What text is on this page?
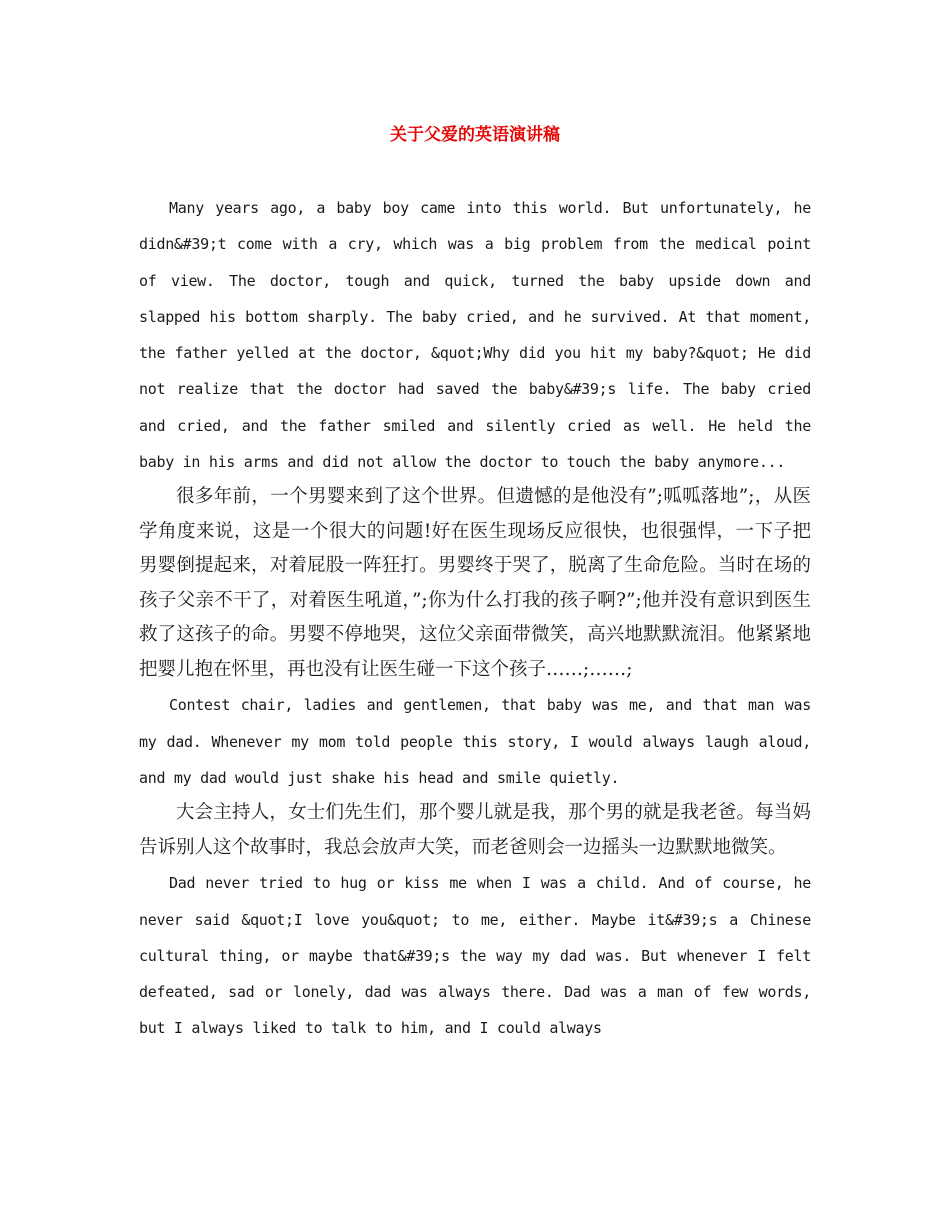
关于父爱的英语演讲稿

Many years ago, a baby boy came into this world. But unfortunately, he didn&#39;t come with a cry, which was a big problem from the medical point of view. The doctor, tough and quick, turned the baby upside down and slapped his bottom sharply. The baby cried, and he survived. At that moment, the father yelled at the doctor, &quot;Why did you hit my baby?&quot; He did not realize that the doctor had saved the baby&#39;s life. The baby cried and cried, and the father smiled and silently cried as well. He held the baby in his arms and did not allow the doctor to touch the baby anymore...

很多年前，一个男婴来到了这个世界。但遗憾的是他没有”;呱呱落地”;，从医学角度来说，这是一个很大的问题!好在医生现场反应很快，也很强悍，一下子把男婴倒提起来，对着屁股一阵狂打。男婴终于哭了，脱离了生命危险。当时在场的孩子父亲不干了，对着医生吼道，”;你为什么打我的孩子啊?”;他并没有意识到医生救了这孩子的命。男婴不停地哭，这位父亲面带微笑，高兴地默默流泪。他紧紧地把婴儿抱在怀里，再也没有让医生碰一下这个孩子……;……;

Contest chair, ladies and gentlemen, that baby was me, and that man was my dad. Whenever my mom told people this story, I would always laugh aloud, and my dad would just shake his head and smile quietly.

大会主持人，女士们先生们，那个婴儿就是我，那个男的就是我老爸。每当妈告诉别人这个故事时，我总会放声大笑，而老爸则会一边摇头一边默默地微笑。

Dad never tried to hug or kiss me when I was a child. And of course, he never said &quot;I love you&quot; to me, either. Maybe it&#39;s a Chinese cultural thing, or maybe that&#39;s the way my dad was. But whenever I felt defeated, sad or lonely, dad was always there. Dad was a man of few words, but I always liked to talk to him, and I could always
